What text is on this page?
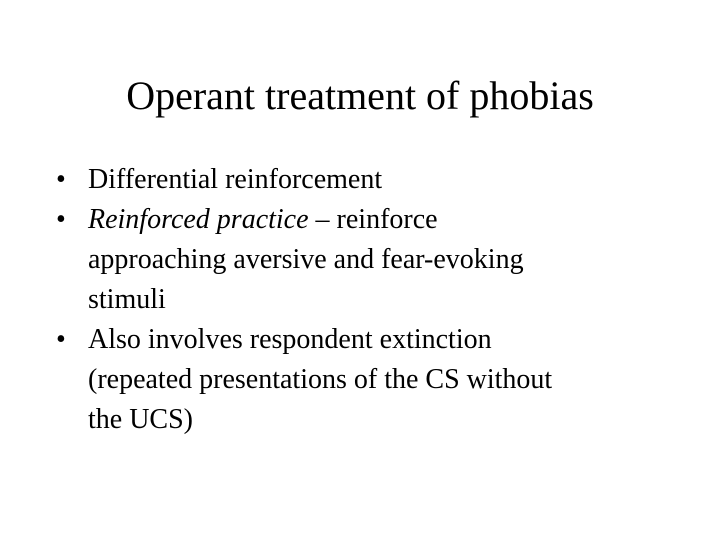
Operant treatment of phobias
• Differential reinforcement
• Reinforced practice – reinforce
approaching aversive and fear-evoking
stimuli
• Also involves respondent extinction
(repeated presentations of the CS without
the UCS)
